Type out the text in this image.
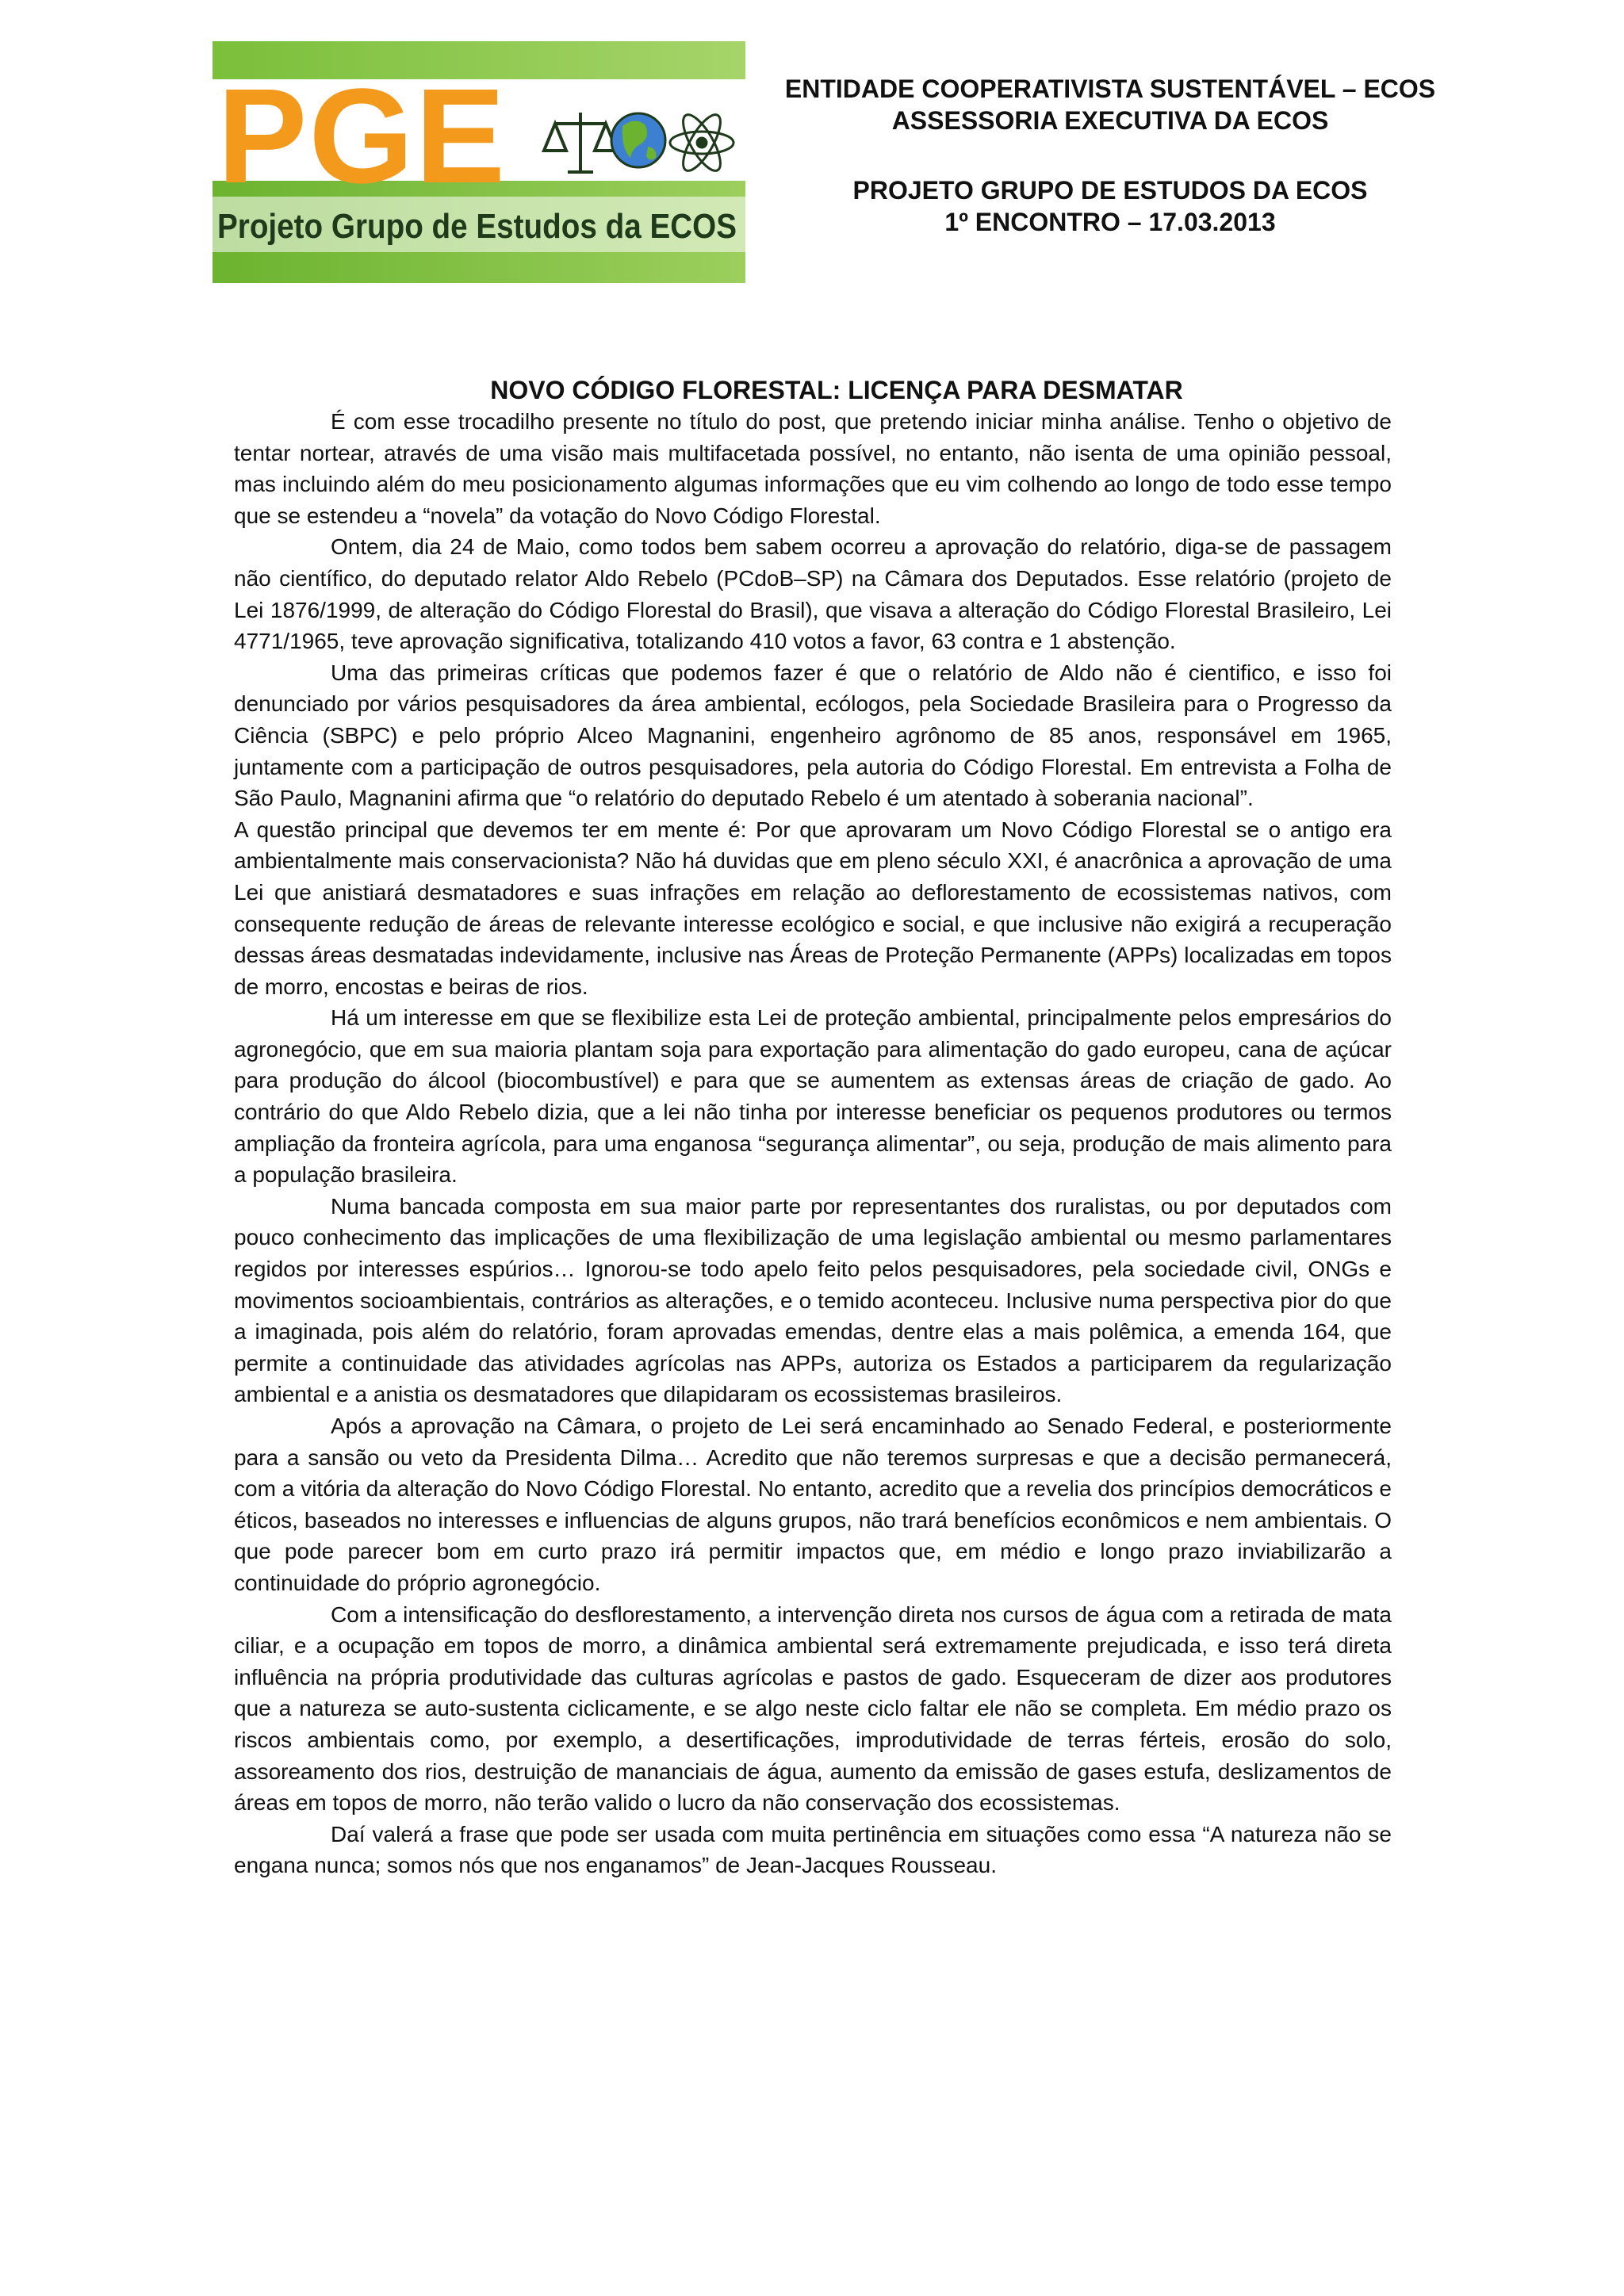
PGE
Projeto Grupo de Estudos da ECOS
ENTIDADE COOPERATIVISTA SUSTENTÁVEL – ECOS
ASSESSORIA EXECUTIVA DA ECOS
PROJETO GRUPO DE ESTUDOS DA ECOS
1º ENCONTRO – 17.03.2013
NOVO CÓDIGO FLORESTAL: LICENÇA PARA DESMATAR

É com esse trocadilho presente no título do post, que pretendo iniciar minha análise. Tenho o objetivo de tentar nortear, através de uma visão mais multifacetada possível, no entanto, não isenta de uma opinião pessoal, mas incluindo além do meu posicionamento algumas informações que eu vim colhendo ao longo de todo esse tempo que se estendeu a “novela” da votação do Novo Código Florestal.

Ontem, dia 24 de Maio, como todos bem sabem ocorreu a aprovação do relatório, diga-se de passagem não científico, do deputado relator Aldo Rebelo (PCdoB–SP) na Câmara dos Deputados. Esse relatório (projeto de Lei 1876/1999, de alteração do Código Florestal do Brasil), que visava a alteração do Código Florestal Brasileiro, Lei 4771/1965, teve aprovação significativa, totalizando 410 votos a favor, 63 contra e 1 abstenção.

Uma das primeiras críticas que podemos fazer é que o relatório de Aldo não é cientifico, e isso foi denunciado por vários pesquisadores da área ambiental, ecólogos, pela Sociedade Brasileira para o Progresso da Ciência (SBPC) e pelo próprio Alceo Magnanini, engenheiro agrônomo de 85 anos, responsável em 1965, juntamente com a participação de outros pesquisadores, pela autoria do Código Florestal. Em entrevista a Folha de São Paulo, Magnanini afirma que “o relatório do deputado Rebelo é um atentado à soberania nacional”.

A questão principal que devemos ter em mente é: Por que aprovaram um Novo Código Florestal se o antigo era ambientalmente mais conservacionista? Não há duvidas que em pleno século XXI, é anacrônica a aprovação de uma Lei que anistiará desmatadores e suas infrações em relação ao deflorestamento de ecossistemas nativos, com consequente redução de áreas de relevante interesse ecológico e social, e que inclusive não exigirá a recuperação dessas áreas desmatadas indevidamente, inclusive nas Áreas de Proteção Permanente (APPs) localizadas em topos de morro, encostas e beiras de rios.

Há um interesse em que se flexibilize esta Lei de proteção ambiental, principalmente pelos empresários do agronegócio, que em sua maioria plantam soja para exportação para alimentação do gado europeu, cana de açúcar para produção do álcool (biocombustível) e para que se aumentem as extensas áreas de criação de gado. Ao contrário do que Aldo Rebelo dizia, que a lei não tinha por interesse beneficiar os pequenos produtores ou termos ampliação da fronteira agrícola, para uma enganosa “segurança alimentar”, ou seja, produção de mais alimento para a população brasileira.

Numa bancada composta em sua maior parte por representantes dos ruralistas, ou por deputados com pouco conhecimento das implicações de uma flexibilização de uma legislação ambiental ou mesmo parlamentares regidos por interesses espúrios… Ignorou-se todo apelo feito pelos pesquisadores, pela sociedade civil, ONGs e movimentos socioambientais, contrários as alterações, e o temido aconteceu. Inclusive numa perspectiva pior do que a imaginada, pois além do relatório, foram aprovadas emendas, dentre elas a mais polêmica, a emenda 164, que permite a continuidade das atividades agrícolas nas APPs, autoriza os Estados a participarem da regularização ambiental e a anistia os desmatadores que dilapidaram os ecossistemas brasileiros.

Após a aprovação na Câmara, o projeto de Lei será encaminhado ao Senado Federal, e posteriormente para a sansão ou veto da Presidenta Dilma… Acredito que não teremos surpresas e que a decisão permanecerá, com a vitória da alteração do Novo Código Florestal. No entanto, acredito que a revelia dos princípios democráticos e éticos, baseados no interesses e influencias de alguns grupos, não trará benefícios econômicos e nem ambientais. O que pode parecer bom em curto prazo irá permitir impactos que, em médio e longo prazo inviabilizarão a continuidade do próprio agronegócio.

Com a intensificação do desflorestamento, a intervenção direta nos cursos de água com a retirada de mata ciliar, e a ocupação em topos de morro, a dinâmica ambiental será extremamente prejudicada, e isso terá direta influência na própria produtividade das culturas agrícolas e pastos de gado. Esqueceram de dizer aos produtores que a natureza se auto-sustenta ciclicamente, e se algo neste ciclo faltar ele não se completa. Em médio prazo os riscos ambientais como, por exemplo, a desertificações, improdutividade de terras férteis, erosão do solo, assoreamento dos rios, destruição de mananciais de água, aumento da emissão de gases estufa, deslizamentos de áreas em topos de morro, não terão valido o lucro da não conservação dos ecossistemas.

Daí valerá a frase que pode ser usada com muita pertinência em situações como essa “A natureza não se engana nunca; somos nós que nos enganamos” de Jean-Jacques Rousseau.
